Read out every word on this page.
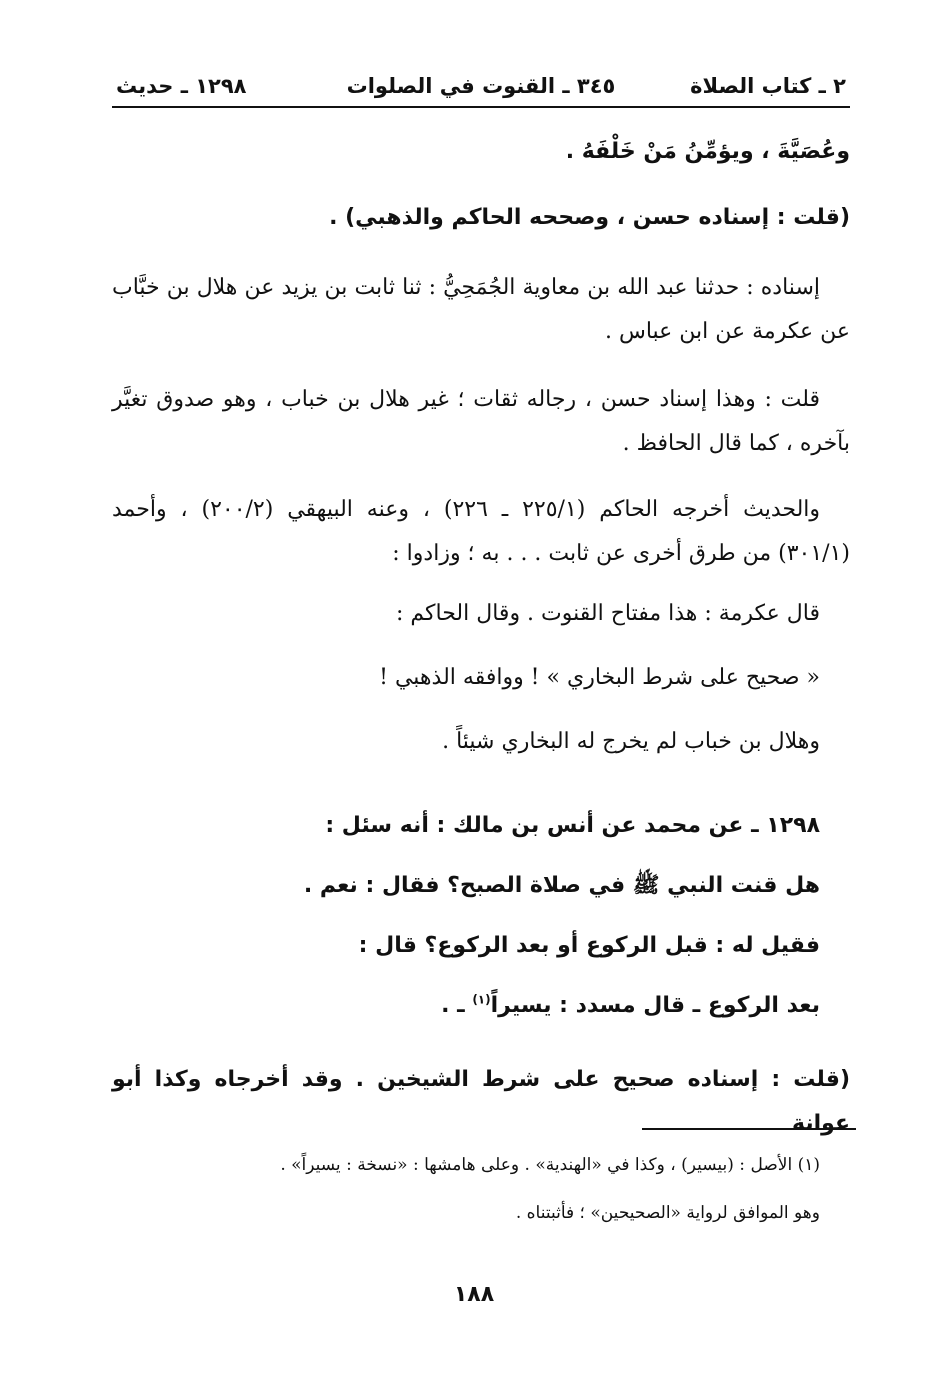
٢ ـ كتاب الصلاة
٣٤٥ ـ القنوت في الصلوات
١٢٩٨ ـ حديث
وعُصَيَّةَ ، ويؤمِّنُ مَنْ خَلْفَهُ .
(قلت : إسناده حسن ، وصححه الحاكم والذهبي) .
إسناده : حدثنا عبد الله بن معاوية الجُمَحِيُّ : ثنا ثابت بن يزيد عن هلال بن خبَّاب عن عكرمة عن ابن عباس .
قلت : وهذا إسناد حسن ، رجاله ثقات ؛ غير هلال بن خباب ، وهو صدوق تغيَّر بآخره ، كما قال الحافظ .
والحديث أخرجه الحاكم (٢٢٥/١ ـ ٢٢٦) ، وعنه البيهقي (٢٠٠/٢) ، وأحمد (٣٠١/١) من طرق أخرى عن ثابت . . . به ؛ وزادوا :
قال عكرمة : هذا مفتاح القنوت . وقال الحاكم :
« صحيح على شرط البخاري » ! ووافقه الذهبي !
وهلال بن خباب لم يخرج له البخاري شيئاً .
١٢٩٨ ـ عن محمد عن أنس بن مالك : أنه سئل :
هل قنت النبي ﷺ في صلاة الصبح؟ فقال : نعم .
فقيل له : قبل الركوع أو بعد الركوع؟ قال :
بعد الركوع ـ قال مسدد : يسيراً$^{(١)}$ ـ .
(قلت : إسناده صحيح على شرط الشيخين . وقد أخرجاه وكذا أبو عوانة
(١) الأصل : (بيسير) ، وكذا في «الهندية» . وعلى هامشها : «نسخة : يسيراً» .
وهو الموافق لرواية «الصحيحين» ؛ فأثبتناه .
١٨٨
